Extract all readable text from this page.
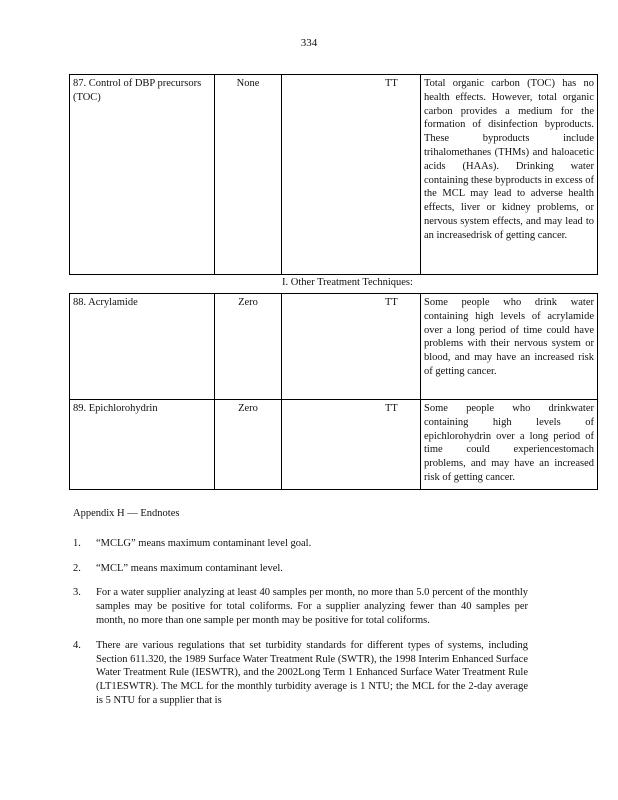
334
87. Control of DBP precursors (TOC)	None	TT	Total organic carbon (TOC) has no health effects. However, total organic carbon provides a medium for the formation of disinfection byproducts. These byproducts include trihalomethanes (THMs) and haloacetic acids (HAAs). Drinking water containing these byproducts in excess of the MCL may lead to adverse health effects, liver or kidney problems, or nervous system effects, and may lead to an increasedrisk of getting cancer.
I. Other Treatment Techniques:			
88. Acrylamide	Zero	TT	Some people who drink water containing high levels of acrylamide over a long period of time could have problems with their nervous system or blood, and may have an increased risk of getting cancer.
89. Epichlorohydrin	Zero	TT	Some people who drinkwater containing high levels of epichlorohydrin over a long period of time could experiencestomach problems, and may have an increased risk of getting cancer.

Appendix H — Endnotes

1. “MCLG” means maximum contaminant level goal.
2. “MCL” means maximum contaminant level.
3. For a water supplier analyzing at least 40 samples per month, no more than 5.0 percent of the monthly samples may be positive for total coliforms. For a supplier analyzing fewer than 40 samples per month, no more than one sample per month may be positive for total coliforms.
4. There are various regulations that set turbidity standards for different types of systems, including Section 611.320, the 1989 Surface Water Treatment Rule (SWTR), the 1998 Interim Enhanced Surface Water Treatment Rule (IESWTR), and the 2002Long Term 1 Enhanced Surface Water Treatment Rule (LT1ESWTR). The MCL for the monthly turbidity average is 1 NTU; the MCL for the 2-day average is 5 NTU for a supplier that is
